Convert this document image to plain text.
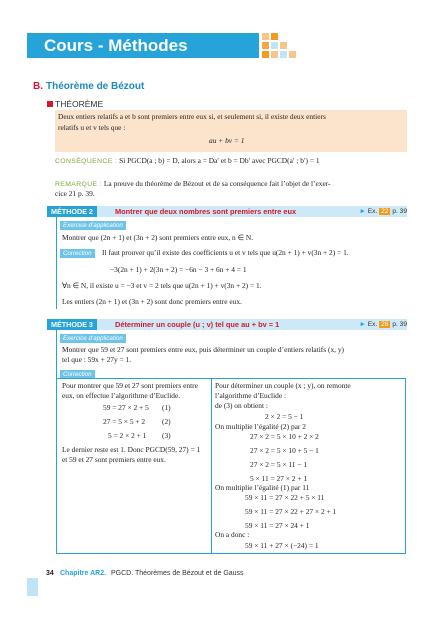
Cours - Méthodes
B. Théorème de Bézout
THÉORÈME
Deux entiers relatifs a et b sont premiers entre eux si, et seulement si, il existe deux entiers
relatifs u et v tels que :
au + bv = 1
CONSÉQUENCE : Si PGCD(a ; b) = D, alors a = Da′ et b = Db′ avec PGCD(a′ ; b′) = 1
REMARQUE : La preuve du théorème de Bézout et de sa conséquence fait l’objet de l’exer-
cice 21 p. 39.
MÉTHODE 2	Montrer que deux nombres sont premiers entre eux	► Ex. 22 p. 39
Exercice d’application
Montrer que (2n + 1) et (3n + 2) sont premiers entre eux, n ∈ N.
Correction	Il faut prouver qu’il existe des coefficients u et v tels que u(2n + 1) + v(3n + 2) = 1.
−3(2n + 1) + 2(3n + 2) = −6n − 3 + 6n + 4 = 1
∀n ∈ N, il existe u = −3 et v = 2 tels que u(2n + 1) + v(3n + 2) = 1.
Les entiers (2n + 1) et (3n + 2) sont donc premiers entre eux.
MÉTHODE 3	Déterminer un couple (u ; v) tel que au + bv = 1	► Ex. 28 p. 39
Exercice d’application
Montrer que 59 et 27 sont premiers entre eux, puis déterminer un couple d’entiers relatifs (x, y)
tel que : 59x + 27y = 1.
Correction
Pour montrer que 59 et 27 sont premiers entre
eux, on effectue l’algorithme d’Euclide.
59 = 27 × 2 + 5 (1)
27 = 5 × 5 + 2 (2)
5 = 2 × 2 + 1 (3)
Le dernier reste est 1. Donc PGCD(59, 27) = 1
et 59 et 27 sont premiers entre eux.
Pour déterminer un couple (x ; y), on remonte
l’algorithme d’Euclide :
de (3) on obtient :
2 × 2 = 5 − 1
On multiplie l’égalité (2) par 2
27 × 2 = 5 × 10 + 2 × 2
27 × 2 = 5 × 10 + 5 − 1
27 × 2 = 5 × 11 − 1
5 × 11 = 27 × 2 + 1
On multiplie l’égalité (1) par 11
59 × 11 = 27 × 22 + 5 × 11
59 × 11 = 27 × 22 + 27 × 2 + 1
59 × 11 = 27 × 24 + 1
On a donc :
59 × 11 + 27 × (−24) = 1
34 Chapitre AR2. PGCD. Théorèmes de Bézout et de Gauss
